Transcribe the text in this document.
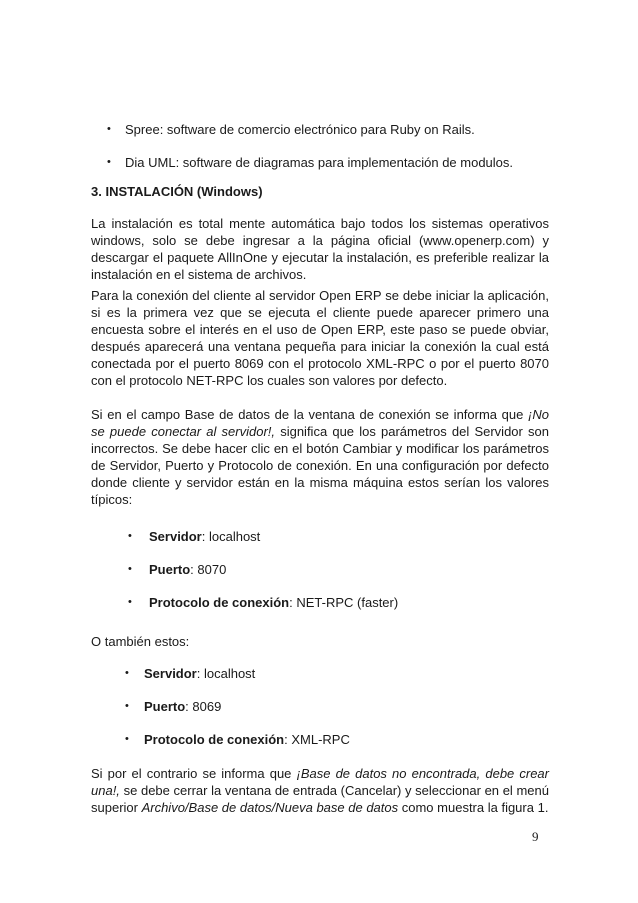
• Spree: software de comercio electrónico para Ruby on Rails.
• Dia UML: software de diagramas para implementación de modulos.
3. INSTALACIÓN (Windows)

La instalación es total mente automática bajo todos los sistemas operativos windows, solo se debe ingresar a la página oficial (www.openerp.com) y descargar el paquete AllInOne y ejecutar la instalación, es preferible realizar la instalación en el sistema de archivos.

Para la conexión del cliente al servidor Open ERP se debe iniciar la aplicación, si es la primera vez que se ejecuta el cliente puede aparecer primero una encuesta sobre el interés en el uso de Open ERP, este paso se puede obviar, después aparecerá una ventana pequeña para iniciar la conexión la cual está conectada por el puerto 8069 con el protocolo XML-RPC o por el puerto 8070 con el protocolo NET-RPC los cuales son valores por defecto.

Si en el campo Base de datos de la ventana de conexión se informa que ¡No se puede conectar al servidor!, significa que los parámetros del Servidor son incorrectos. Se debe hacer clic en el botón Cambiar y modificar los parámetros de Servidor, Puerto y Protocolo de conexión. En una configuración por defecto donde cliente y servidor están en la misma máquina estos serían los valores típicos:

• Servidor: localhost
• Puerto: 8070
• Protocolo de conexión: NET-RPC (faster)

O también estos:

• Servidor: localhost
• Puerto: 8069
• Protocolo de conexión: XML-RPC

Si por el contrario se informa que ¡Base de datos no encontrada, debe crear una!, se debe cerrar la ventana de entrada (Cancelar) y seleccionar en el menú superior Archivo/Base de datos/Nueva base de datos como muestra la figura 1.

9
